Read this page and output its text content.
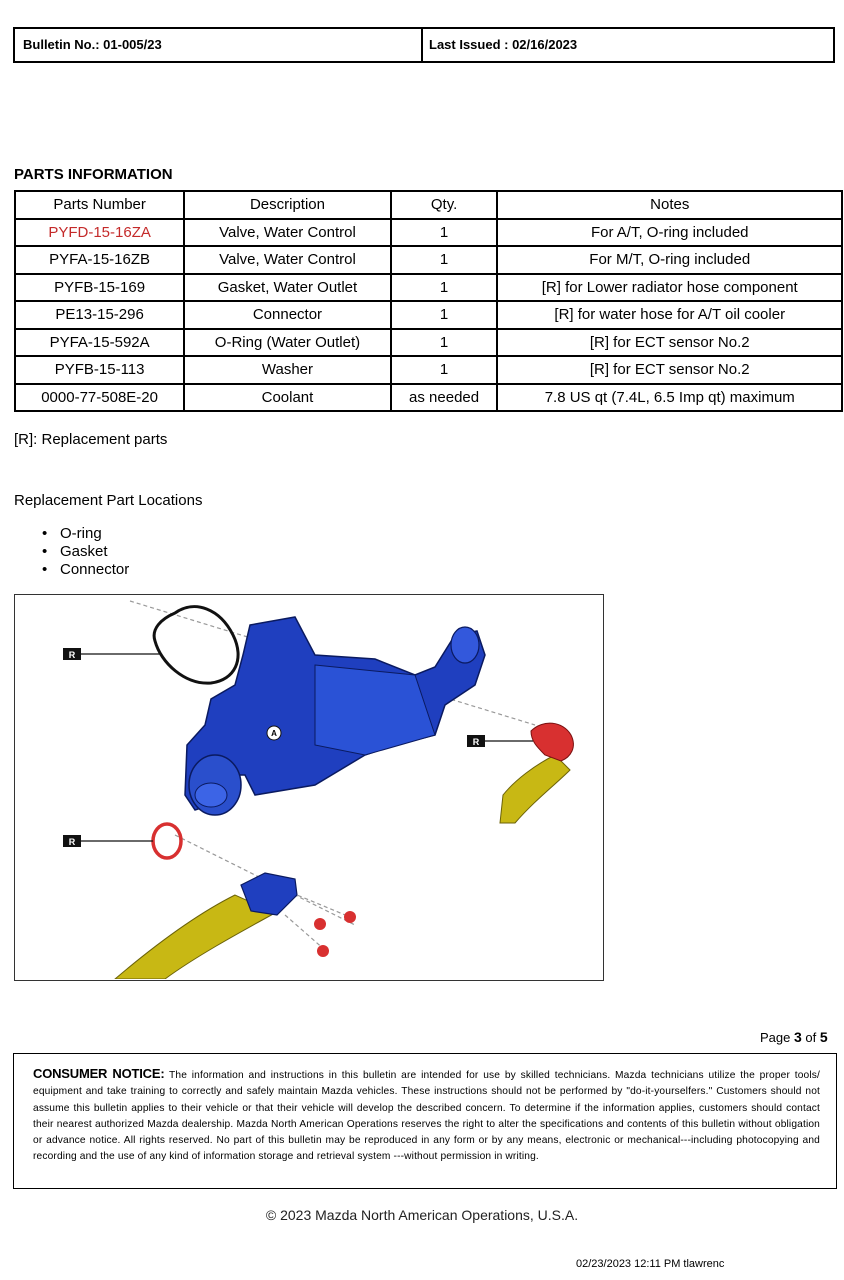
Bulletin No.: 01-005/23	Last Issued : 02/16/2023
PARTS INFORMATION
Parts Number	Description	Qty.	Notes
PYFD-15-16ZA	Valve, Water Control	1	For A/T, O-ring included
PYFA-15-16ZB	Valve, Water Control	1	For M/T, O-ring included
PYFB-15-169	Gasket, Water Outlet	1	[R] for Lower radiator hose component
PE13-15-296	Connector	1	[R] for water hose for A/T oil cooler
PYFA-15-592A	O-Ring (Water Outlet)	1	[R] for ECT sensor No.2
PYFB-15-113	Washer	1	[R] for ECT sensor No.2
0000-77-508E-20	Coolant	as needed	7.8 US qt (7.4L, 6.5 Imp qt) maximum
[R]: Replacement parts
Replacement Part Locations
• O-ring
• Gasket
• Connector
A
R
R
R
Page 3 of 5
CONSUMER NOTICE: The information and instructions in this bulletin are intended for use by skilled technicians. Mazda technicians utilize the proper tools/ equipment and take training to correctly and safely maintain Mazda vehicles. These instructions should not be performed by "do-it-yourselfers." Customers should not assume this bulletin applies to their vehicle or that their vehicle will develop the described concern. To determine if the information applies, customers should contact their nearest authorized Mazda dealership. Mazda North American Operations reserves the right to alter the specifications and contents of this bulletin without obligation or advance notice. All rights reserved. No part of this bulletin may be reproduced in any form or by any means, electronic or mechanical---including photocopying and recording and the use of any kind of information storage and retrieval system ---without permission in writing.
© 2023 Mazda North American Operations, U.S.A.
02/23/2023 12:11 PM tlawrenc
